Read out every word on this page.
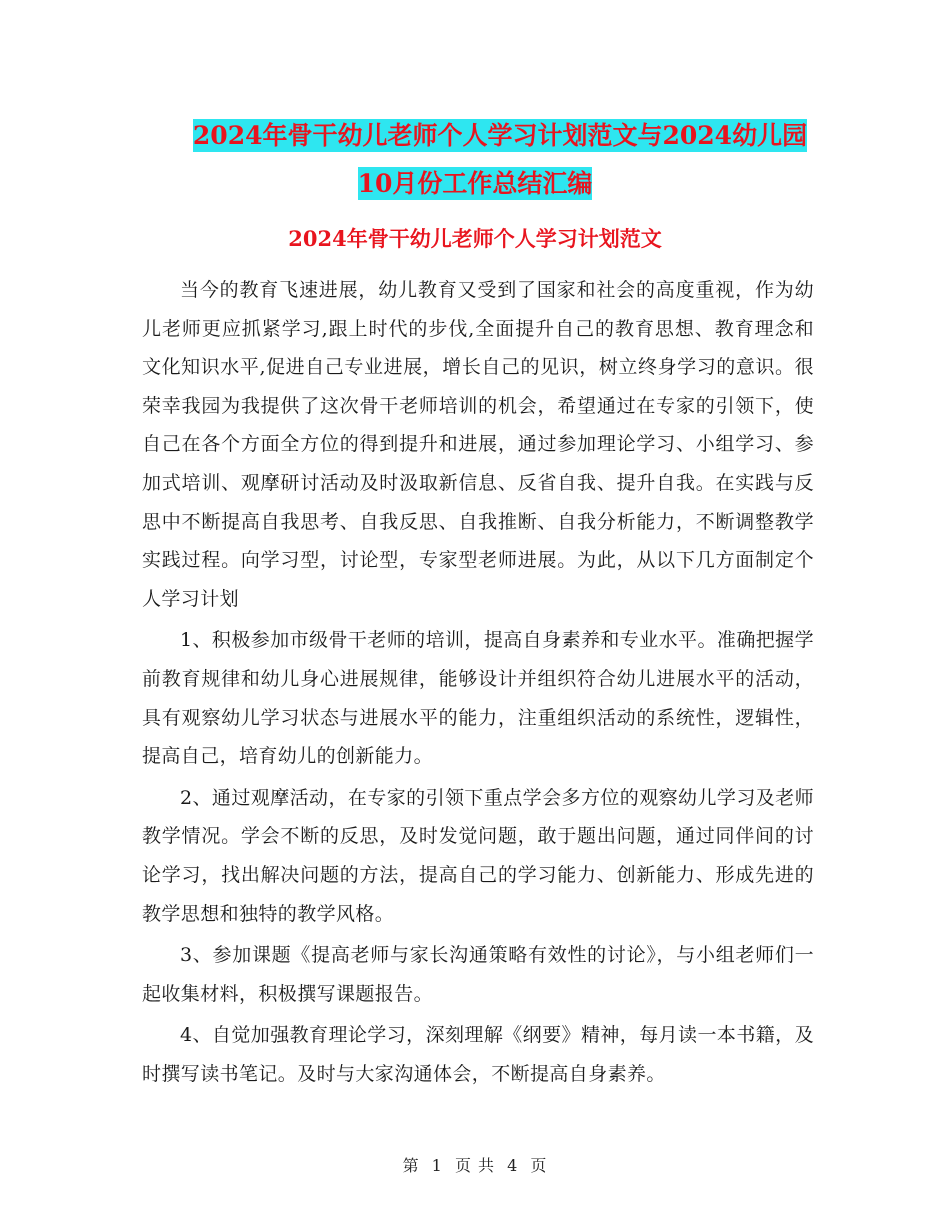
2024年骨干幼儿老师个人学习计划范文与2024幼儿园
10月份工作总结汇编
2024年骨干幼儿老师个人学习计划范文

当今的教育飞速进展，幼儿教育又受到了国家和社会的高度重视，作为幼儿老师更应抓紧学习,跟上时代的步伐,全面提升自己的教育思想、教育理念和文化知识水平,促进自己专业进展，增长自己的见识，树立终身学习的意识。很荣幸我园为我提供了这次骨干老师培训的机会，希望通过在专家的引领下，使自己在各个方面全方位的得到提升和进展，通过参加理论学习、小组学习、参加式培训、观摩研讨活动及时汲取新信息、反省自我、提升自我。在实践与反思中不断提高自我思考、自我反思、自我推断、自我分析能力，不断调整教学实践过程。向学习型，讨论型，专家型老师进展。为此，从以下几方面制定个人学习计划

1、积极参加市级骨干老师的培训，提高自身素养和专业水平。准确把握学前教育规律和幼儿身心进展规律，能够设计并组织符合幼儿进展水平的活动，具有观察幼儿学习状态与进展水平的能力，注重组织活动的系统性，逻辑性，提高自己，培育幼儿的创新能力。

2、通过观摩活动，在专家的引领下重点学会多方位的观察幼儿学习及老师教学情况。学会不断的反思，及时发觉问题，敢于题出问题，通过同伴间的讨论学习，找出解决问题的方法，提高自己的学习能力、创新能力、形成先进的教学思想和独特的教学风格。

3、参加课题《提高老师与家长沟通策略有效性的讨论》，与小组老师们一起收集材料，积极撰写课题报告。

4、自觉加强教育理论学习，深刻理解《纲要》精神，每月读一本书籍，及时撰写读书笔记。及时与大家沟通体会，不断提高自身素养。

第 1 页 共 4 页
